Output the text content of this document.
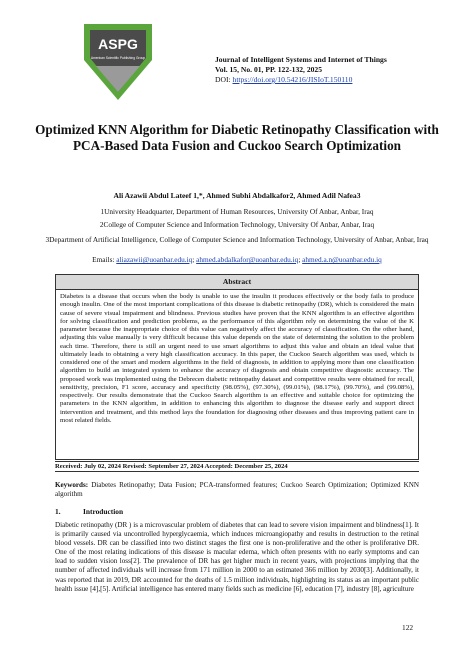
ASPG
American Scientific Publishing Group	Journal of Intelligent Systems and Internet of Things
Vol. 15, No. 01, PP. 122-132, 2025
DOI: https://doi.org/10.54216/JISIoT.150110
Optimized KNN Algorithm for Diabetic Retinopathy Classification with PCA-Based Data Fusion and Cuckoo Search Optimization
Ali Azawii Abdul Lateef 1,*, Ahmed Subhi Abdalkafor2, Ahmed Adil Nafea3
1University Headquarter, Department of Human Resources, University Of Anbar, Anbar, Iraq
2College of Computer Science and Information Technology, University Of Anbar, Anbar, Iraq
3Department of Artificial Intelligence, College of Computer Science and Information Technology, University of Anbar, Anbar, Iraq
Emails: aliazawii@uoanbar.edu.iq; ahmed.abdalkafor@uoanbar.edu.iq; ahmed.a.n@uoanbar.edu.iq
Abstract
Diabetes is a disease that occurs when the body is unable to use the insulin it produces effectively or the body fails to produce enough insulin. One of the most important complications of this disease is diabetic retinopathy (DR), which is considered the main cause of severe visual impairment and blindness. Previous studies have proven that the KNN algorithm is an effective algorithm for solving classification and prediction problems, as the performance of this algorithm rely on determining the value of the K parameter because the inappropriate choice of this value can negatively affect the accuracy of classification. On the other hand, adjusting this value manually is very difficult because this value depends on the state of determining the solution to the problem each time. Therefore, there is still an urgent need to use smart algorithms to adjust this value and obtain an ideal value that ultimately leads to obtaining a very high classification accuracy. In this paper, the Cuckoo Search algorithm was used, which is considered one of the smart and modern algorithms in the field of diagnosis, in addition to applying more than one classification algorithm to build an integrated system to enhance the accuracy of diagnosis and obtain competitive diagnostic accuracy. The proposed work was implemented using the Debrecen diabetic retinopathy dataset and competitive results were obtained for recall, sensitivity, precision, F1 score, accuracy and specificity (98.05%), (97.30%), (99.01%), (98.17%), (99.70%), and (99.08%), respectively. Our results demonstrate that the Cuckoo Search algorithm is an effective and suitable choice for optimizing the parameters in the KNN algorithm, in addition to enhancing this algorithm to diagnose the disease early and support direct intervention and treatment, and this method lays the foundation for diagnosing other diseases and thus improving patient care in most related fields.
Received: July 02, 2024 Revised: September 27, 2024 Accepted: December 25, 2024
Keywords: Diabetes Retinopathy; Data Fusion; PCA-transformed features; Cuckoo Search Optimization; Optimized KNN algorithm
1.	Introduction
Diabetic retinopathy (DR ) is a microvascular problem of diabetes that can lead to severe vision impairment and blindness[1]. It is primarily caused via uncontrolled hyperglycaemia, which induces microangiopathy and results in destruction to the retinal blood vessels. DR can be classified into two distinct stages the first one is non-proliferative and the other is proliferative DR. One of the most relating indications of this disease is macular edema, which often presents with no early symptoms and can lead to sudden vision loss[2]. The prevalence of DR has get higher much in recent years, with projections implying that the number of affected individuals will increase from 171 million in 2000 to an estimated 366 million by 2030[3]. Additionally, it was reported that in 2019, DR accounted for the deaths of 1.5 million individuals, highlighting its status as an important public health issue [4],[5]. Artificial intelligence has entered many fields such as medicine [6], education [7], industry [8], agriculture
122
